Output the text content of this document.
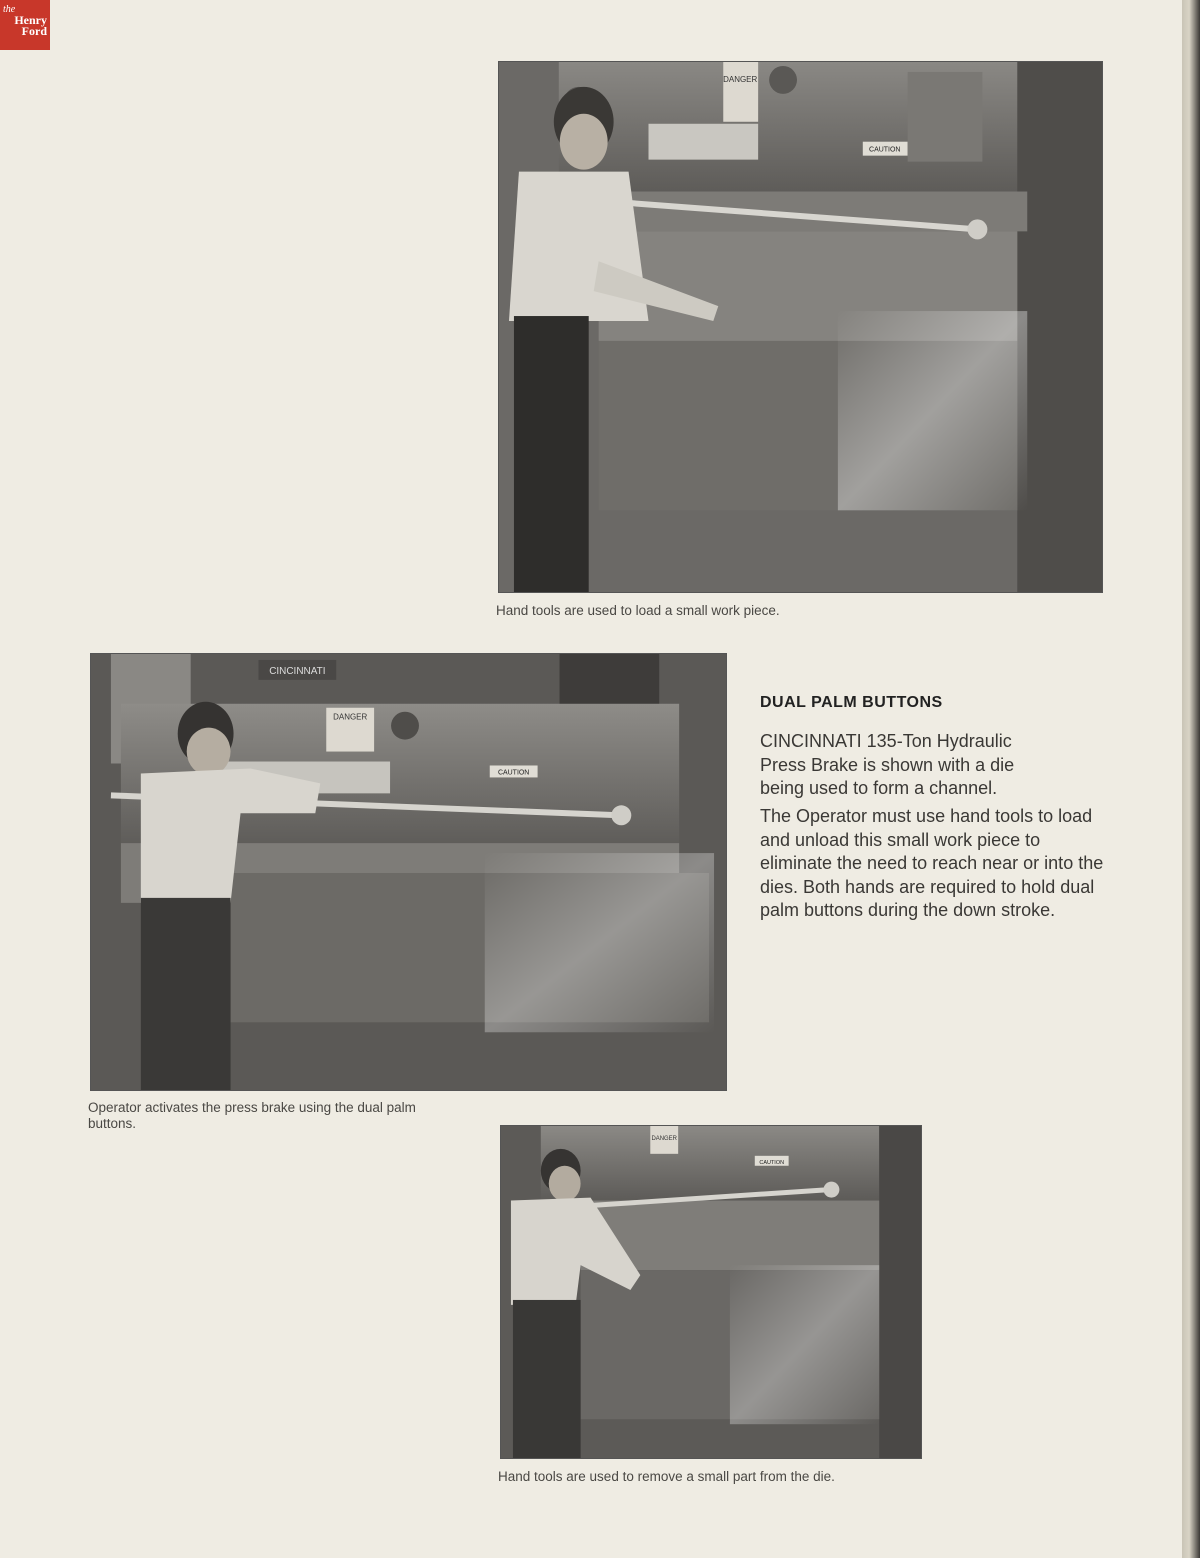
the
Henry
Ford
DANGER
CAUTION

Hand tools are used to load a small work piece.

CINCINNATI
DANGER
CAUTION

Operator activates the press brake using the dual palm buttons.

DANGER
CAUTION

Hand tools are used to remove a small part from the die.

DUAL PALM BUTTONS

CINCINNATI 135-Ton Hydraulic Press Brake is shown with a die being used to form a channel.

The Operator must use hand tools to load and unload this small work piece to eliminate the need to reach near or into the dies. Both hands are required to hold dual palm buttons during the down stroke.
